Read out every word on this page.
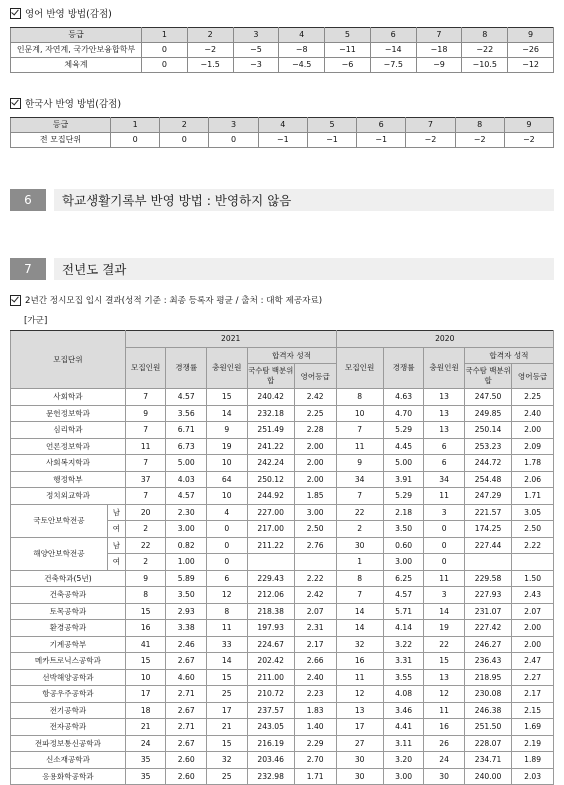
영어 반영 방법(감점)
등급	1	2	3	4	5	6	7	8	9
인문계, 자연계, 국가안보융합학부	0	−2	−5	−8	−11	−14	−18	−22	−26
체육계	0	−1.5	−3	−4.5	−6	−7.5	−9	−10.5	−12
한국사 반영 방법(감점)
등급	1	2	3	4	5	6	7	8	9
전 모집단위	0	0	0	−1	−1	−1	−2	−2	−2
6	학교생활기록부 반영 방법 : 반영하지 않음
7	전년도 결과
2년간 정시모집 입시 결과(성적 기준 : 최종 등록자 평균 / 출처 : 대학 제공자료)
[가군]
모집단위		2021					2020				
		모집인원	경쟁률	충원인원	합격자 성적		모집인원	경쟁률	충원인원	합격자 성적	
					국수탐 백분위합	영어등급				국수탐 백분위합	영어등급
사회학과		7	4.57	15	240.42	2.42	8	4.63	13	247.50	2.25
문헌정보학과		9	3.56	14	232.18	2.25	10	4.70	13	249.85	2.40
심리학과		7	6.71	9	251.49	2.28	7	5.29	13	250.14	2.00
언론정보학과		11	6.73	19	241.22	2.00	11	4.45	6	253.23	2.09
사회복지학과		7	5.00	10	242.24	2.00	9	5.00	6	244.72	1.78
행정학부		37	4.03	64	250.12	2.00	34	3.91	34	254.48	2.06
정치외교학과		7	4.57	10	244.92	1.85	7	5.29	11	247.29	1.71
국토안보학전공	남	20	2.30	4	227.00	3.00	22	2.18	3	221.57	3.05
	여	2	3.00	0	217.00	2.50	2	3.50	0	174.25	2.50
해양안보학전공	남	22	0.82	0	211.22	2.76	30	0.60	0	227.44	2.22
	여	2	1.00	0			1	3.00	0		
건축학과(5년)		9	5.89	6	229.43	2.22	8	6.25	11	229.58	1.50
건축공학과		8	3.50	12	212.06	2.42	7	4.57	3	227.93	2.43
토목공학과		15	2.93	8	218.38	2.07	14	5.71	14	231.07	2.07
환경공학과		16	3.38	11	197.93	2.31	14	4.14	19	227.42	2.00
기계공학부		41	2.46	33	224.67	2.17	32	3.22	22	246.27	2.00
메카트로닉스공학과		15	2.67	14	202.42	2.66	16	3.31	15	236.43	2.47
선박해양공학과		10	4.60	15	211.00	2.40	11	3.55	13	218.95	2.27
항공우주공학과		17	2.71	25	210.72	2.23	12	4.08	12	230.08	2.17
전기공학과		18	2.67	17	237.57	1.83	13	3.46	11	246.38	2.15
전자공학과		21	2.71	21	243.05	1.40	17	4.41	16	251.50	1.69
전파정보통신공학과		24	2.67	15	216.19	2.29	27	3.11	26	228.07	2.19
신소재공학과		35	2.60	32	203.46	2.70	30	3.20	24	234.71	1.89
응용화학공학과		35	2.60	25	232.98	1.71	30	3.00	30	240.00	2.03
